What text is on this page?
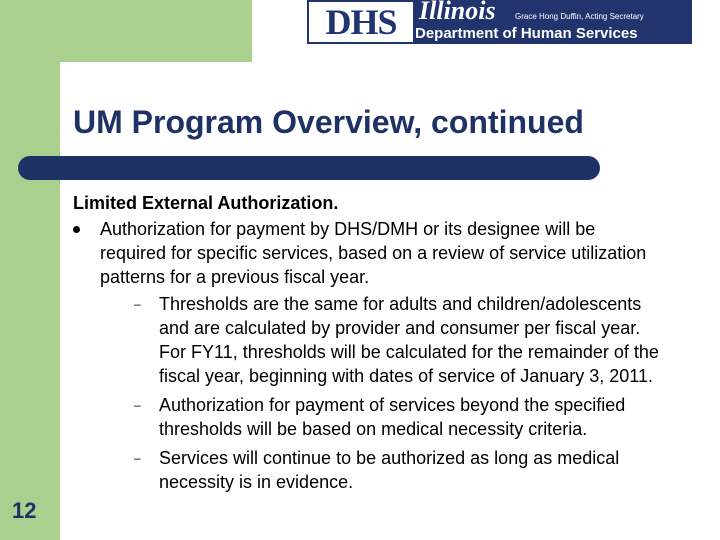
DHS Illinois Grace Hong Duffin, Acting Secretary
Department of Human Services
UM Program Overview, continued

Limited External Authorization.

Authorization for payment by DHS/DMH or its designee will be required for specific services, based on a review of service utilization patterns for a previous fiscal year.
– Thresholds are the same for adults and children/adolescents and are calculated by provider and consumer per fiscal year. For FY11, thresholds will be calculated for the remainder of the fiscal year, beginning with dates of service of January 3, 2011.
– Authorization for payment of services beyond the specified thresholds will be based on medical necessity criteria.
– Services will continue to be authorized as long as medical necessity is in evidence.
12
